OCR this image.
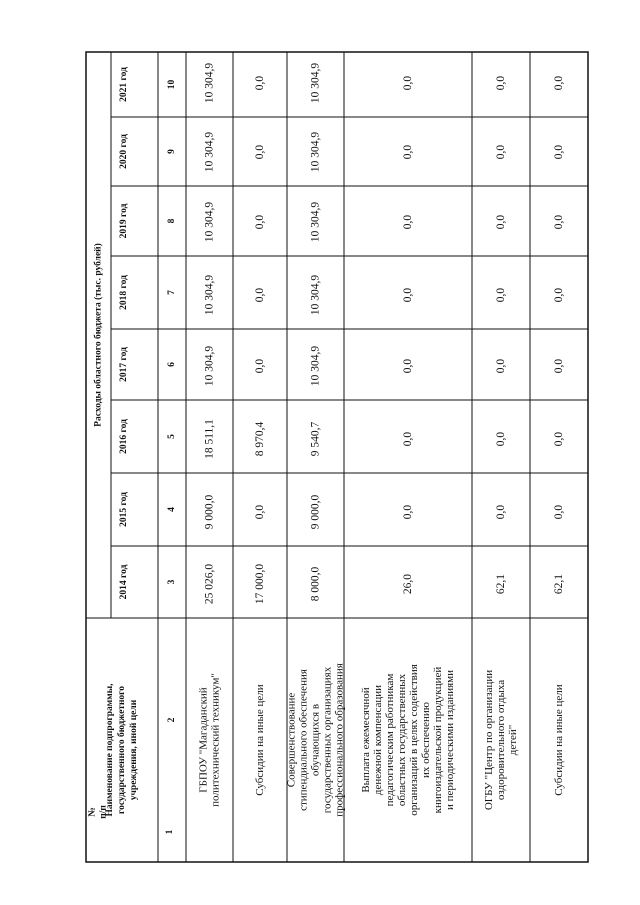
№ п/п
Наименование подпрограммы, государственного бюджетного учреждения, иной цели
Расходы областного бюджета (тыс. рублей)
2014 год
2015 год
2016 год
2017 год
2018 год
2019 год
2020 год
2021 год
1
2
3
4
5
6
7
8
9
10
ГБПОУ "Магаданский политехнический техникум"
25 026,0
9 000,0
18 511,1
10 304,9
10 304,9
10 304,9
10 304,9
10 304,9
Субсидии на иные цели
17 000,0
0,0
8 970,4
0,0
0,0
0,0
0,0
0,0
Совершенствование стипендиального обеспечения обучающихся в государственных организациях профессионального образования
8 000,0
9 000,0
9 540,7
10 304,9
10 304,9
10 304,9
10 304,9
10 304,9
Выплата ежемесячной денежной компенсации педагогическим работникам областных государственных организаций в целях содействия их обеспечению книгоиздательской продукцией и периодическими изданиями
26,0
0,0
0,0
0,0
0,0
0,0
0,0
0,0
ОГБУ "Центр по организации оздоровительного отдыха детей"
62,1
0,0
0,0
0,0
0,0
0,0
0,0
0,0
Субсидии на иные цели
62,1
0,0
0,0
0,0
0,0
0,0
0,0
0,0
